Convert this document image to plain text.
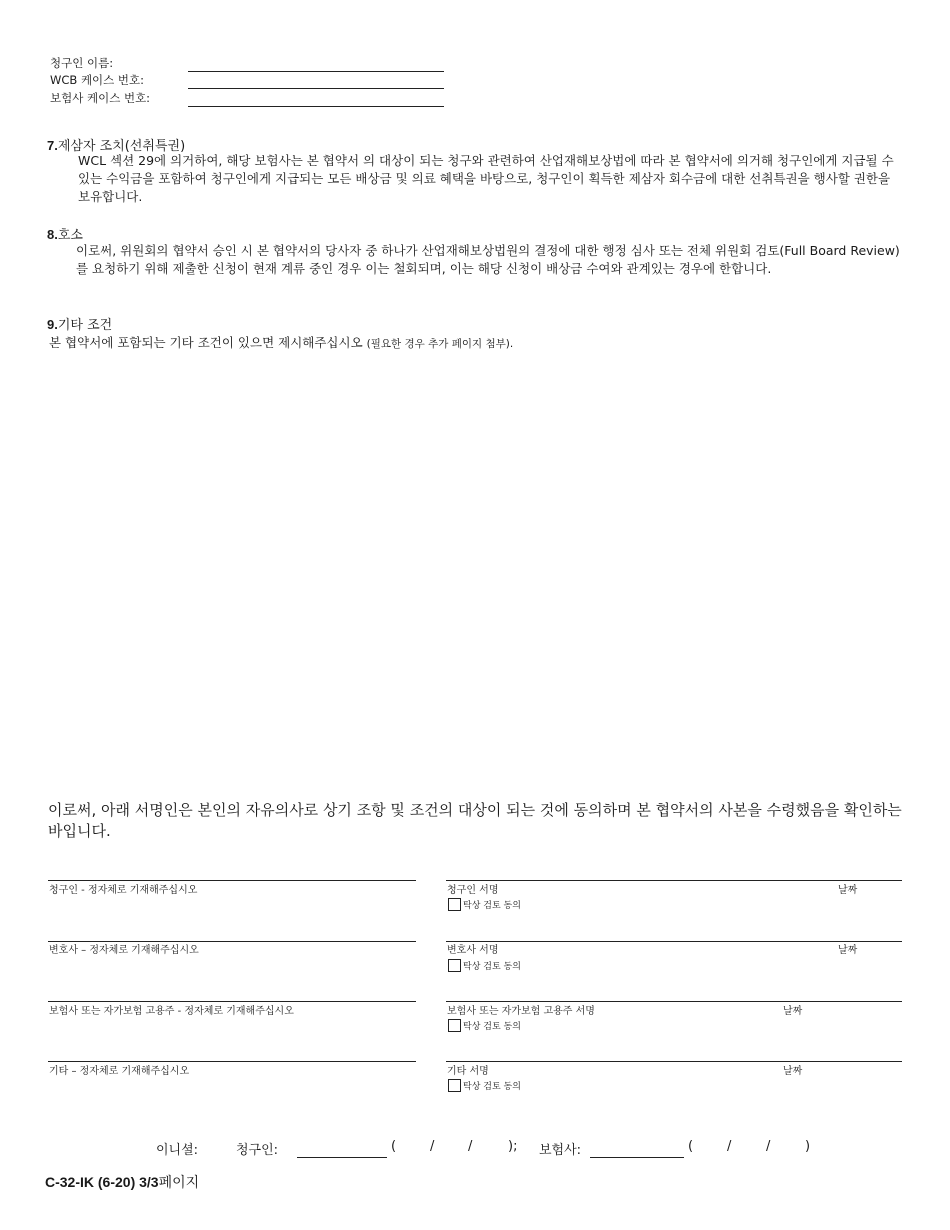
청구인 이름:
WCB 케이스 번호:
보험사 케이스 번호:
7.제삼자 조치(선취특권)
WCL 섹션 29에 의거하여, 해당 보험사는 본 협약서 의 대상이 되는 청구와 관련하여 산업재해보상법에 따라 본 협약서에 의거해 청구인에게 지급될 수 있는 수익금을 포함하여 청구인에게 지급되는 모든 배상금 및 의료 혜택을 바탕으로, 청구인이 획득한 제삼자 회수금에 대한 선취특권을 행사할 권한을 보유합니다.
8.호소
이로써, 위원회의 협약서 승인 시 본 협약서의 당사자 중 하나가 산업재해보상법원의 결정에 대한 행정 심사 또는 전체 위원회 검토(Full Board Review)를 요청하기 위해 제출한 신청이 현재 계류 중인 경우 이는 철회되며, 이는 해당 신청이 배상금 수여와 관계있는 경우에 한합니다.
9.기타 조건
본 협약서에 포함되는 기타 조건이 있으면 제시해주십시오 (필요한 경우 추가 페이지 첨부).
이로써, 아래 서명인은 본인의 자유의사로 상기 조항 및 조건의 대상이 되는 것에 동의하며 본 협약서의 사본을 수령했음을 확인하는 바입니다.
청구인 - 정자체로 기재해주십시오	청구인 서명	날짜
탁상 검토 동의
변호사 – 정자체로 기재해주십시오	변호사 서명	날짜
탁상 검토 동의
보험사 또는 자가보험 고용주 - 정자체로 기재해주십시오	보험사 또는 자가보험 고용주 서명	날짜
탁상 검토 동의
기타 – 정자체로 기재해주십시오	기타 서명	날짜
탁상 검토 동의
이니셜:	청구인:	(	/	/	); 보험사:	(	/	/	)
C-32-IK (6-20) 3/3페이지
